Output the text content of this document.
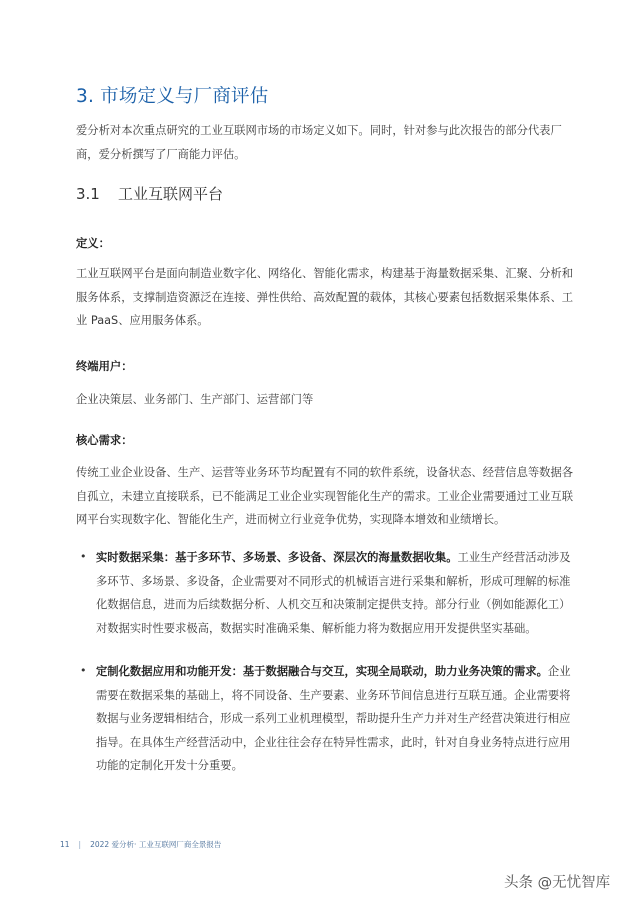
3. 市场定义与厂商评估
爱分析对本次重点研究的工业互联网市场的市场定义如下。同时，针对参与此次报告的部分代表厂商，爱分析撰写了厂商能力评估。
3.1 工业互联网平台
定义：
工业互联网平台是面向制造业数字化、网络化、智能化需求，构建基于海量数据采集、汇聚、分析和服务体系，支撑制造资源泛在连接、弹性供给、高效配置的载体，其核心要素包括数据采集体系、工业 PaaS、应用服务体系。
终端用户：
企业决策层、业务部门、生产部门、运营部门等
核心需求：
传统工业企业设备、生产、运营等业务环节均配置有不同的软件系统，设备状态、经营信息等数据各自孤立，未建立直接联系，已不能满足工业企业实现智能化生产的需求。工业企业需要通过工业互联网平台实现数字化、智能化生产，进而树立行业竞争优势，实现降本增效和业绩增长。
• 实时数据采集：基于多环节、多场景、多设备、深层次的海量数据收集。工业生产经营活动涉及多环节、多场景、多设备，企业需要对不同形式的机械语言进行采集和解析，形成可理解的标准化数据信息，进而为后续数据分析、人机交互和决策制定提供支持。部分行业（例如能源化工）对数据实时性要求极高，数据实时准确采集、解析能力将为数据应用开发提供坚实基础。
• 定制化数据应用和功能开发：基于数据融合与交互，实现全局联动，助力业务决策的需求。企业需要在数据采集的基础上，将不同设备、生产要素、业务环节间信息进行互联互通。企业需要将数据与业务逻辑相结合，形成一系列工业机理模型，帮助提升生产力并对生产经营决策进行相应指导。在具体生产经营活动中，企业往往会存在特异性需求，此时，针对自身业务特点进行应用功能的定制化开发十分重要。
11 | 2022 爱分析· 工业互联网厂商全景报告
头条 @无忧智库
